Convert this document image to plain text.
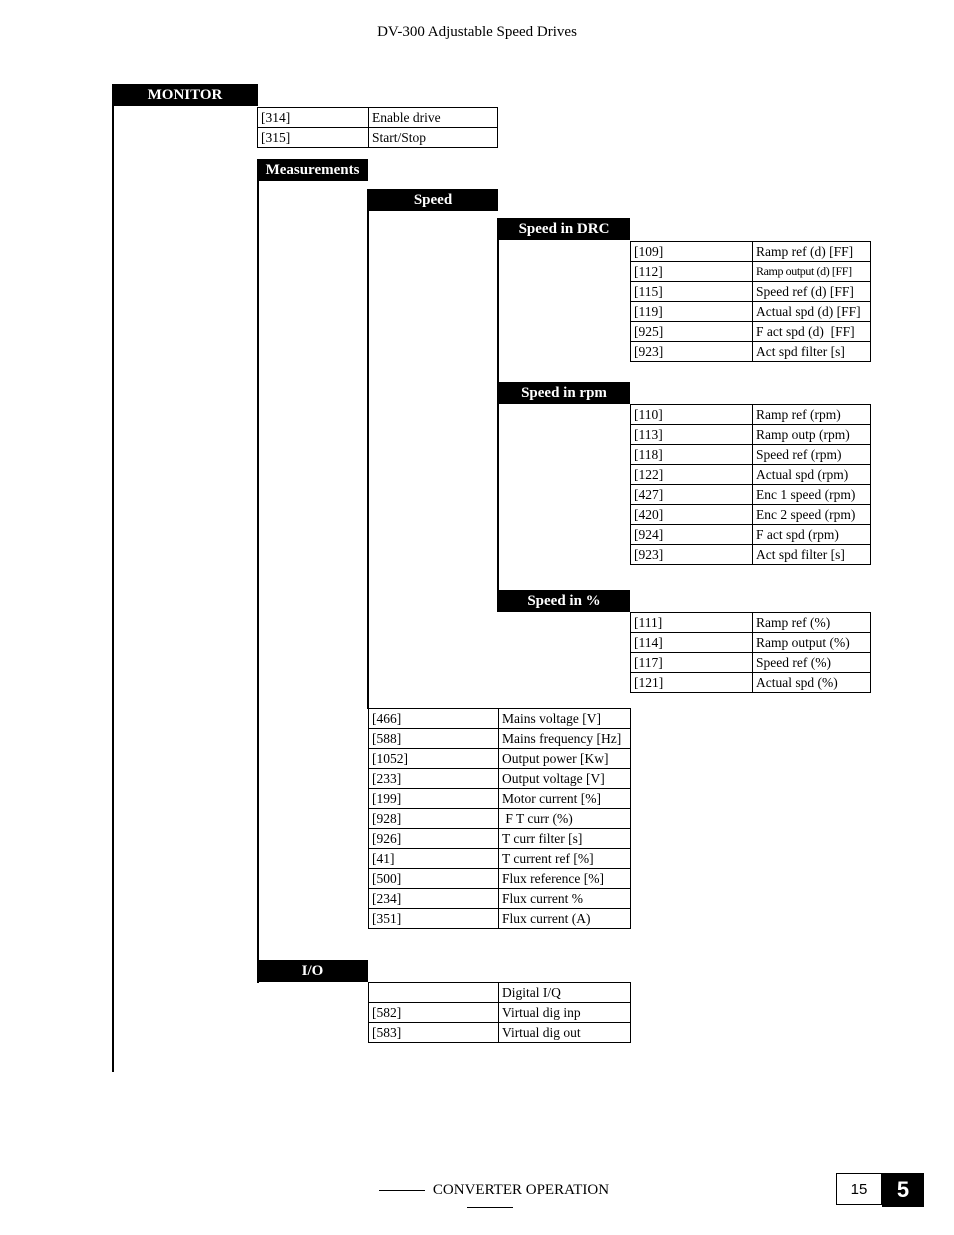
DV-300 Adjustable Speed Drives
MONITOR
[314]	Enable drive
[315]	Start/Stop
Measurements
Speed
Speed in DRC
[109]	Ramp ref (d) [FF]
[112]	Ramp output (d) [FF]
[115]	Speed ref (d) [FF]
[119]	Actual spd (d) [FF]
[925]	F act spd (d)  [FF]
[923]	Act spd filter [s]
Speed in rpm
[110]	Ramp ref (rpm)
[113]	Ramp outp (rpm)
[118]	Speed ref (rpm)
[122]	Actual spd (rpm)
[427]	Enc 1 speed (rpm)
[420]	Enc 2 speed (rpm)
[924]	F act spd (rpm)
[923]	Act spd filter [s]
Speed in %
[111]	Ramp ref (%)
[114]	Ramp output (%)
[117]	Speed ref (%)
[121]	Actual spd (%)
[466]	Mains voltage [V]
[588]	Mains frequency [Hz]
[1052]	Output power [Kw]
[233]	Output voltage [V]
[199]	Motor current [%]
[928]	F T curr (%)
[926]	T curr filter [s]
[41]	T current ref [%]
[500]	Flux reference [%]
[234]	Flux current %
[351]	Flux current (A)
I/O
	Digital I/Q
[582]	Virtual dig inp
[583]	Virtual dig out
CONVERTER OPERATION	15	5
